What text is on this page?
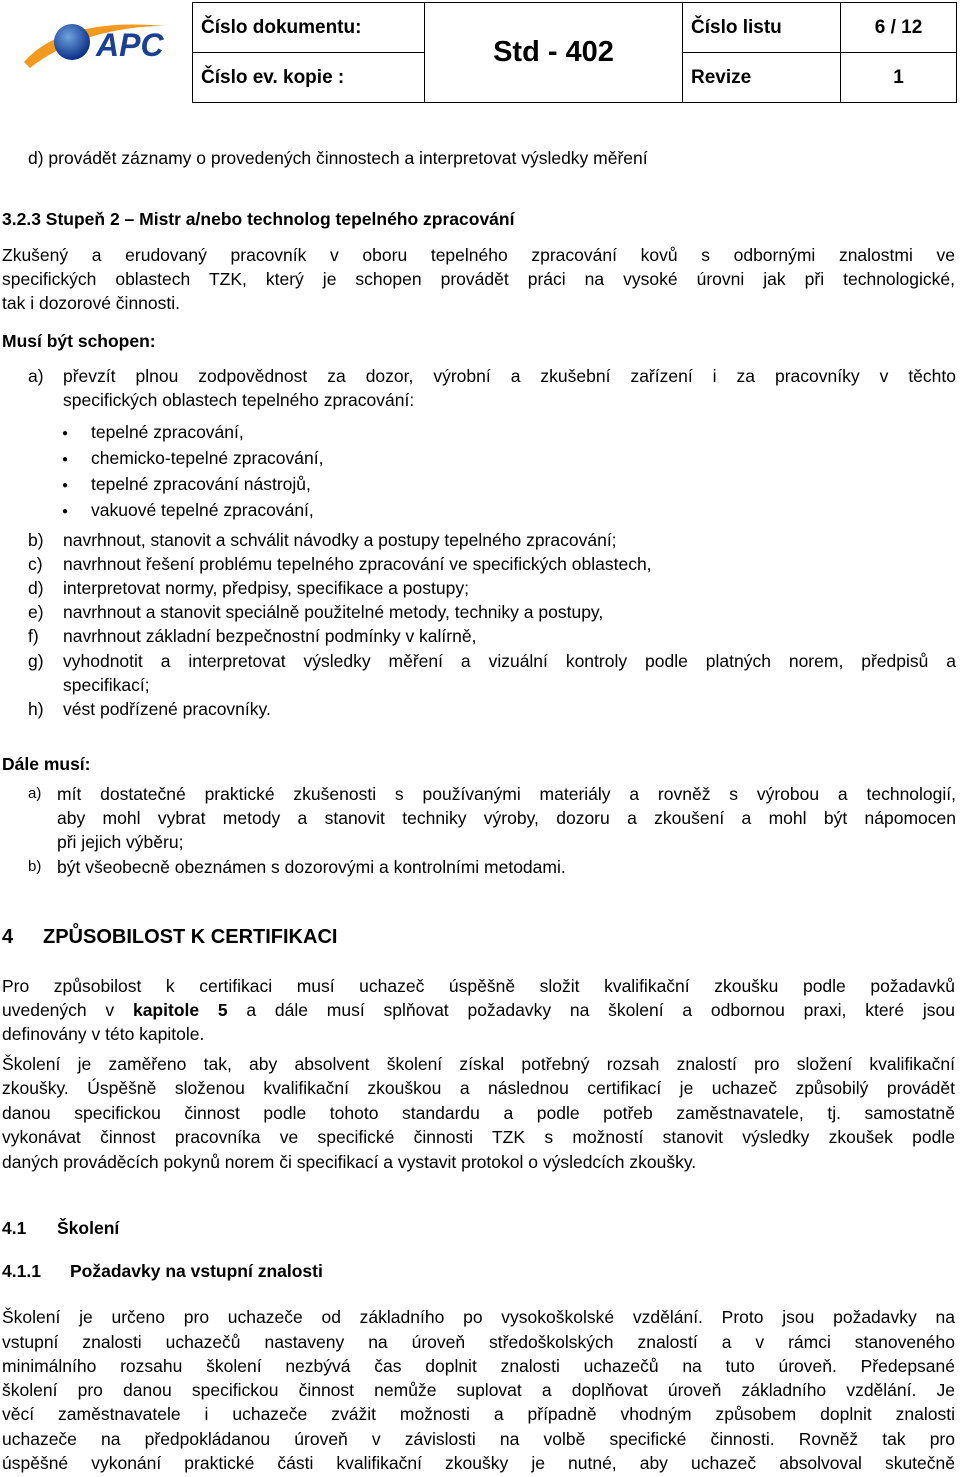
APC Číslo dokumentu:	Std - 402	Číslo listu	6 / 12
Číslo ev. kopie :		Revize	1
d) provádět záznamy o provedených činnostech a interpretovat výsledky měření
3.2.3 Stupeň 2 – Mistr a/nebo technolog tepelného zpracování
Zkušený a erudovaný pracovník v oboru tepelného zpracování kovů s odbornými znalostmi ve
specifických oblastech TZK, který je schopen provádět práci na vysoké úrovni jak při technologické,
tak i dozorové činnosti.
Musí být schopen:
a)	převzít plnou zodpovědnost za dozor, výrobní a zkušební zařízení i za pracovníky v těchto
specifických oblastech tepelného zpracování:
● tepelné zpracování,
● chemicko-tepelné zpracování,
● tepelné zpracování nástrojů,
● vakuové tepelné zpracování,
b)	navrhnout, stanovit a schválit návodky a postupy tepelného zpracování;
c)	navrhnout řešení problému tepelného zpracování ve specifických oblastech,
d)	interpretovat normy, předpisy, specifikace a postupy;
e)	navrhnout a stanovit speciálně použitelné metody, techniky a postupy,
f)	navrhnout základní bezpečnostní podmínky v kalírně,
g)	vyhodnotit a interpretovat výsledky měření a vizuální kontroly podle platných norem, předpisů a
specifikací;
h)	vést podřízené pracovníky.
Dále musí:
a) mít dostatečné praktické zkušenosti s používanými materiály a rovněž s výrobou a technologií,
aby mohl vybrat metody a stanovit techniky výroby, dozoru a zkoušení a mohl být nápomocen
při jejich výběru;
b) být všeobecně obeznámen s dozorovými a kontrolními metodami.
4	ZPŮSOBILOST K CERTIFIKACI
Pro způsobilost k certifikaci musí uchazeč úspěšně složit kvalifikační zkoušku podle požadavků
uvedených v kapitole 5 a dále musí splňovat požadavky na školení a odbornou praxi, které jsou
definovány v této kapitole.
Školení je zaměřeno tak, aby absolvent školení získal potřebný rozsah znalostí pro složení kvalifikační
zkoušky. Úspěšně složenou kvalifikační zkouškou a následnou certifikací je uchazeč způsobilý provádět
danou specifickou činnost podle tohoto standardu a podle potřeb zaměstnavatele, tj. samostatně
vykonávat činnost pracovníka ve specifické činnosti TZK s možností stanovit výsledky zkoušek podle
daných prováděcích pokynů norem či specifikací a vystavit protokol o výsledcích zkoušky.
4.1	Školení
4.1.1	Požadavky na vstupní znalosti
Školení je určeno pro uchazeče od základního po vysokoškolské vzdělání. Proto jsou požadavky na
vstupní znalosti uchazečů nastaveny na úroveň středoškolských znalostí a v rámci stanoveného
minimálního rozsahu školení nezbývá čas doplnit znalosti uchazečů na tuto úroveň. Předepsané
školení pro danou specifickou činnost nemůže suplovat a doplňovat úroveň základního vzdělání. Je
věcí zaměstnavatele i uchazeče zvážit možnosti a případně vhodným způsobem doplnit znalosti
uchazeče na předpokládanou úroveň v závislosti na volbě specifické činnosti. Rovněž tak pro
úspěšné vykonání praktické části kvalifikační zkoušky je nutné, aby uchazeč absolvoval skutečně
